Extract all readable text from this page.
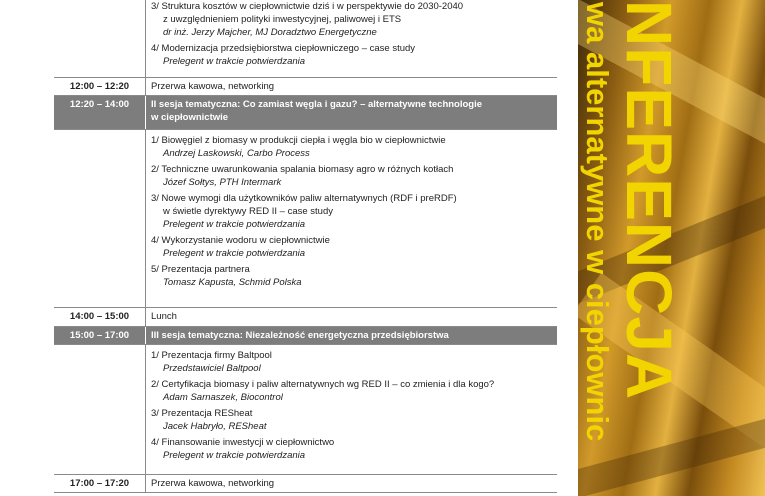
3/ Struktura kosztów w ciepłownictwie dziś i w perspektywie do 2030-2040
z uwzględnieniem polityki inwestycyjnej, paliwowej i ETS
dr inż. Jerzy Majcher, MJ Doradztwo Energetyczne
4/ Modernizacja przedsiębiorstwa ciepłowniczego – case study
Prelegent w trakcie potwierdzania
12:00 – 12:20	Przerwa kawowa, networking
12:20 – 14:00	II sesja tematyczna: Co zamiast węgla i gazu? – alternatywne technologie
w ciepłownictwie
1/ Biowęgiel z biomasy w produkcji ciepła i węgla bio w ciepłownictwie
Andrzej Laskowski, Carbo Process
2/ Techniczne uwarunkowania spalania biomasy agro w różnych kotłach
Józef Sołtys, PTH Intermark
3/ Nowe wymogi dla użytkowników paliw alternatywnych (RDF i preRDF)
w świetle dyrektywy RED II – case study
Prelegent w trakcie potwierdzania
4/ Wykorzystanie wodoru w ciepłownictwie
Prelegent w trakcie potwierdzania
5/ Prezentacja partnera
Tomasz Kapusta, Schmid Polska
14:00 – 15:00	Lunch
15:00 – 17:00	III sesja tematyczna: Niezależność energetyczna przedsiębiorstwa
1/ Prezentacja firmy Baltpool
Przedstawiciel Baltpool
2/ Certyfikacja biomasy i paliw alternatywnych wg RED II – co zmienia i dla kogo?
Adam Sarnaszek, Biocontrol
3/ Prezentacja RESheat
Jacek Habryło, RESheat
4/ Finansowanie inwestycji w ciepłownictwo
Prelegent w trakcie potwierdzania
17:00 – 17:20	Przerwa kawowa, networking
wa alternatywne w ciepłownic
NFERENCJA
